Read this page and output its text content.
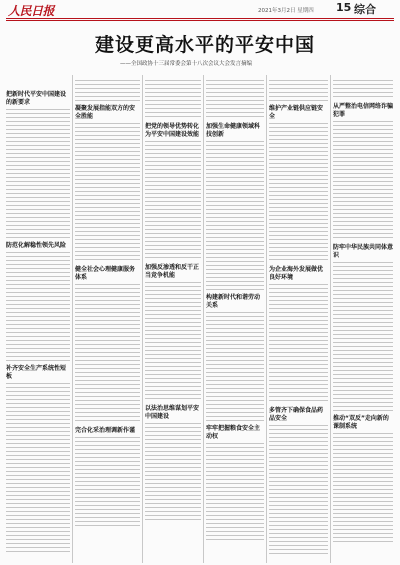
人民日报	2021年3月2日 星期四 15 综合
建设更高水平的平安中国
——全国政协十三届常委会第十八次会议大会发言摘编
把新时代平安中国建设的新要求
防范化解稳性领先风险
补齐安全生产系统性短板
凝聚发展指能双方的安全胜能
健全社会心理健康服务体系
完合化采治理调新作谨
把党的领导优势转化为平安中国建设效能
加强反渗透和反干正当竞争机能
以法治思维谋划平安中国建设
加强生命健康领域科技创新
构建新时代和谐劳动关系
牢牢把握粮食安全主动权
维护产业链供应链安全
为企业海外发展做优良好环境
多管齐下确保食品药品安全
从严整治电信网络诈骗犯罪
防牢中华民族共同体意识
推动“双反”走向新的课制系统
